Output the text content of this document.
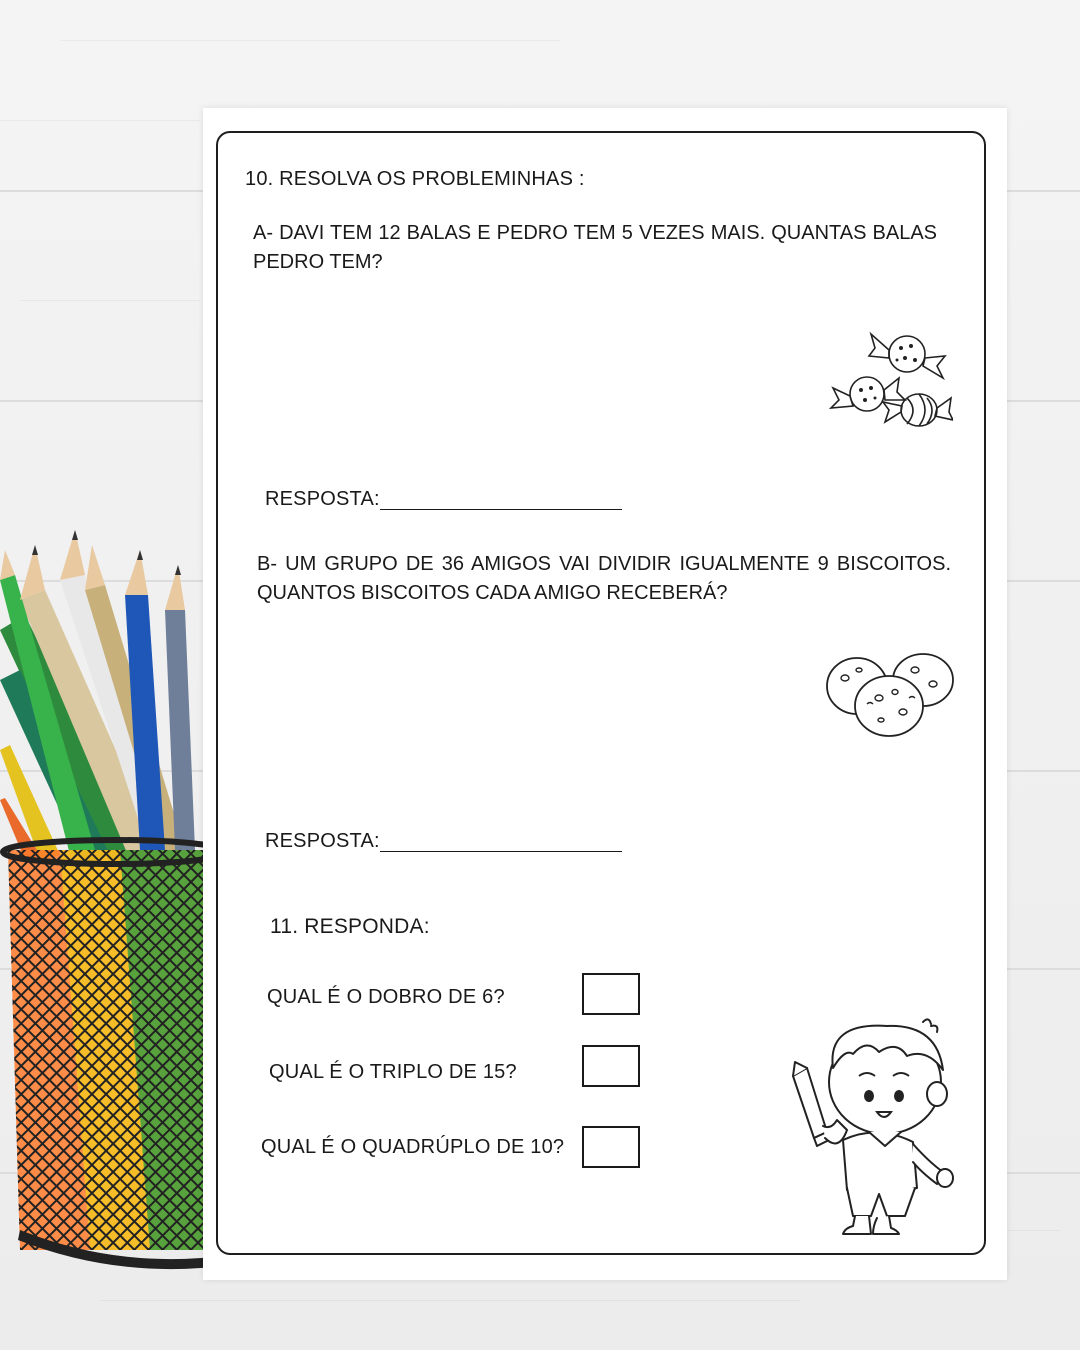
10. RESOLVA OS PROBLEMINHAS :
A- DAVI TEM 12 BALAS E PEDRO TEM 5 VEZES MAIS. QUANTAS BALAS PEDRO TEM?
RESPOSTA:
B- UM GRUPO DE 36 AMIGOS VAI DIVIDIR IGUALMENTE 9 BISCOITOS. QUANTOS BISCOITOS CADA AMIGO RECEBERÁ?
RESPOSTA:
11. RESPONDA:
QUAL É O DOBRO DE 6?
QUAL É O TRIPLO DE 15?
QUAL É O QUADRÚPLO DE 10?
